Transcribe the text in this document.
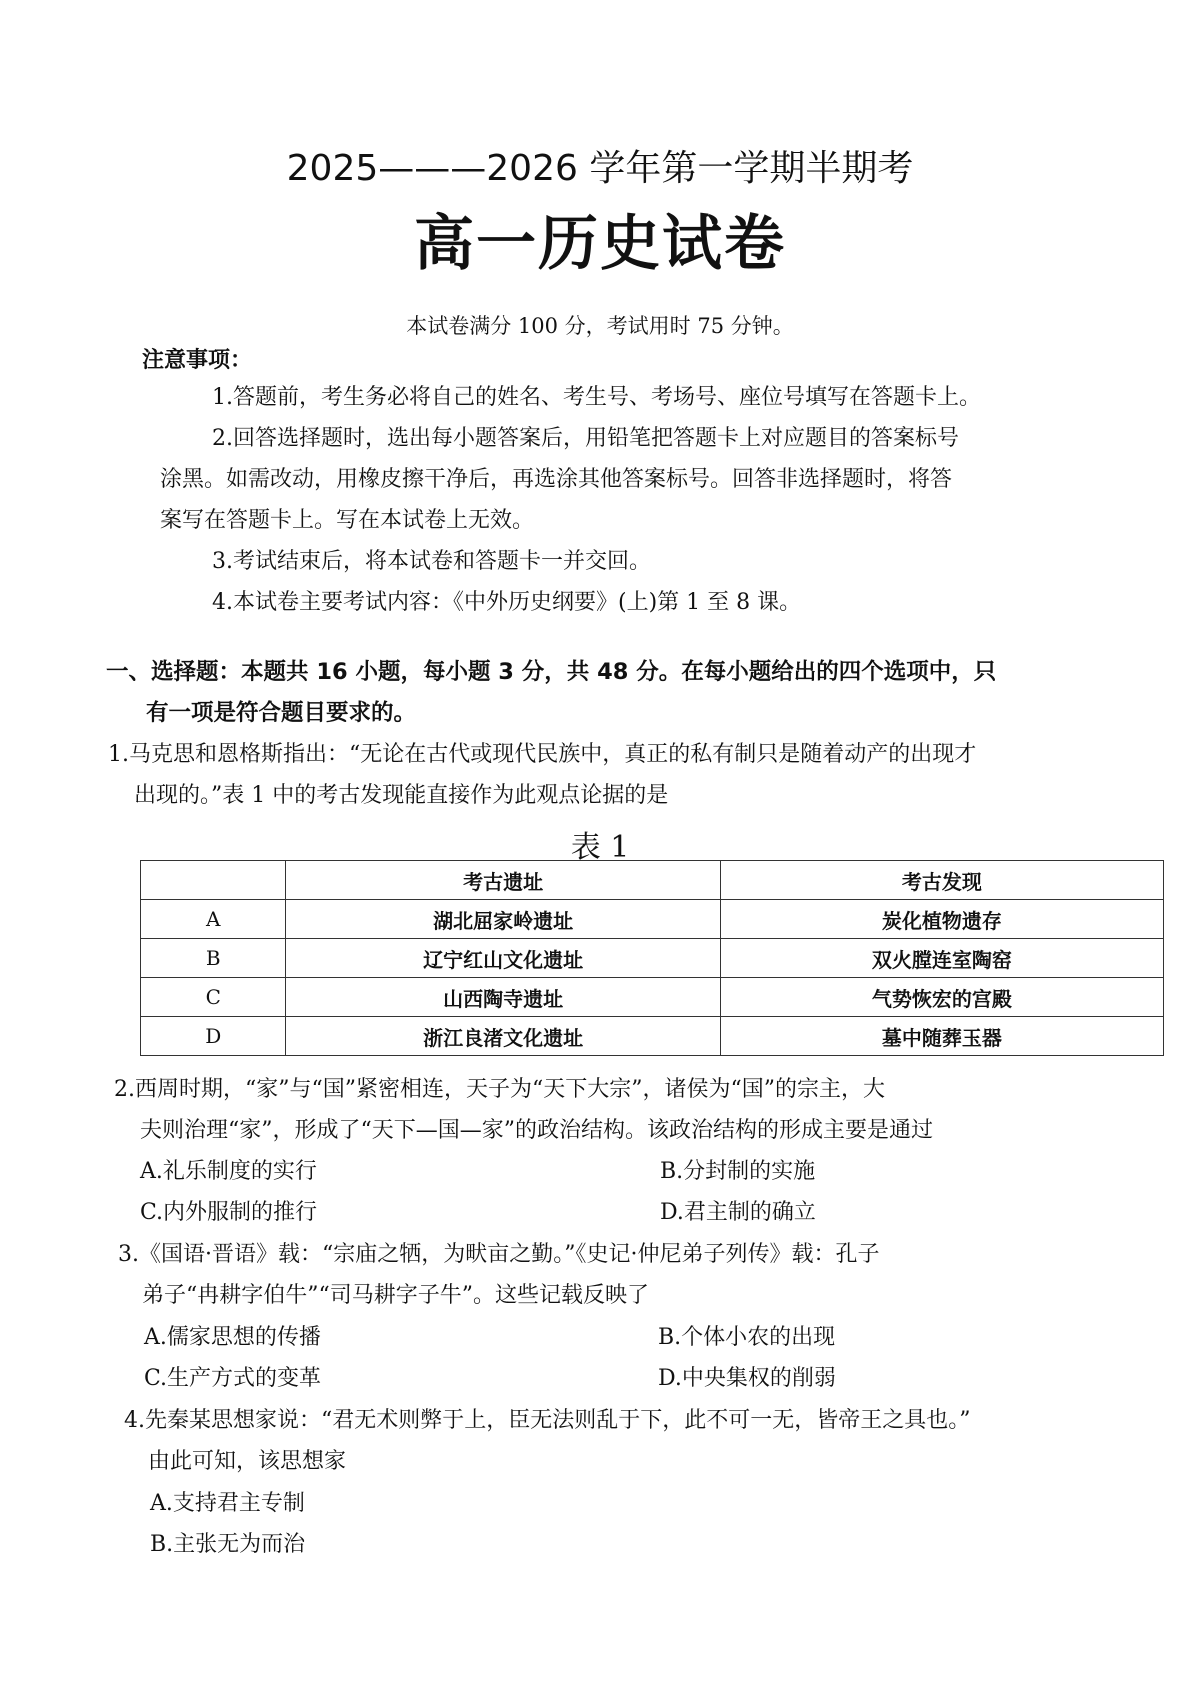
2025———2026 学年第一学期半期考
高一历史试卷
本试卷满分 100 分，考试用时 75 分钟。
注意事项：
1.答题前，考生务必将自己的姓名、考生号、考场号、座位号填写在答题卡上。
2.回答选择题时，选出每小题答案后，用铅笔把答题卡上对应题目的答案标号
涂黑。如需改动，用橡皮擦干净后，再选涂其他答案标号。回答非选择题时，将答
案写在答题卡上。写在本试卷上无效。
3.考试结束后，将本试卷和答题卡一并交回。
4.本试卷主要考试内容：《中外历史纲要》(上)第 1 至 8 课。
一、选择题：本题共 16 小题，每小题 3 分，共 48 分。在每小题给出的四个选项中，只
有一项是符合题目要求的。
1.马克思和恩格斯指出：“无论在古代或现代民族中，真正的私有制只是随着动产的出现才
出现的。”表 1 中的考古发现能直接作为此观点论据的是
表 1
	考古遗址	考古发现
A	湖北屈家岭遗址	炭化植物遗存
B	辽宁红山文化遗址	双火膛连室陶窑
C	山西陶寺遗址	气势恢宏的宫殿
D	浙江良渚文化遗址	墓中随葬玉器
2.西周时期，“家”与“国”紧密相连，天子为“天下大宗”，诸侯为“国”的宗主，大
夫则治理“家”，形成了“天下—国—家”的政治结构。该政治结构的形成主要是通过
A.礼乐制度的实行	B.分封制的实施
C.内外服制的推行	D.君主制的确立
3.《国语·晋语》载：“宗庙之牺，为畎亩之勤。”《史记·仲尼弟子列传》载：孔子
弟子“冉耕字伯牛”“司马耕字子牛”。这些记载反映了
A.儒家思想的传播	B.个体小农的出现
C.生产方式的变革	D.中央集权的削弱
4.先秦某思想家说：“君无术则弊于上，臣无法则乱于下，此不可一无，皆帝王之具也。”
由此可知，该思想家
A.支持君主专制
B.主张无为而治
